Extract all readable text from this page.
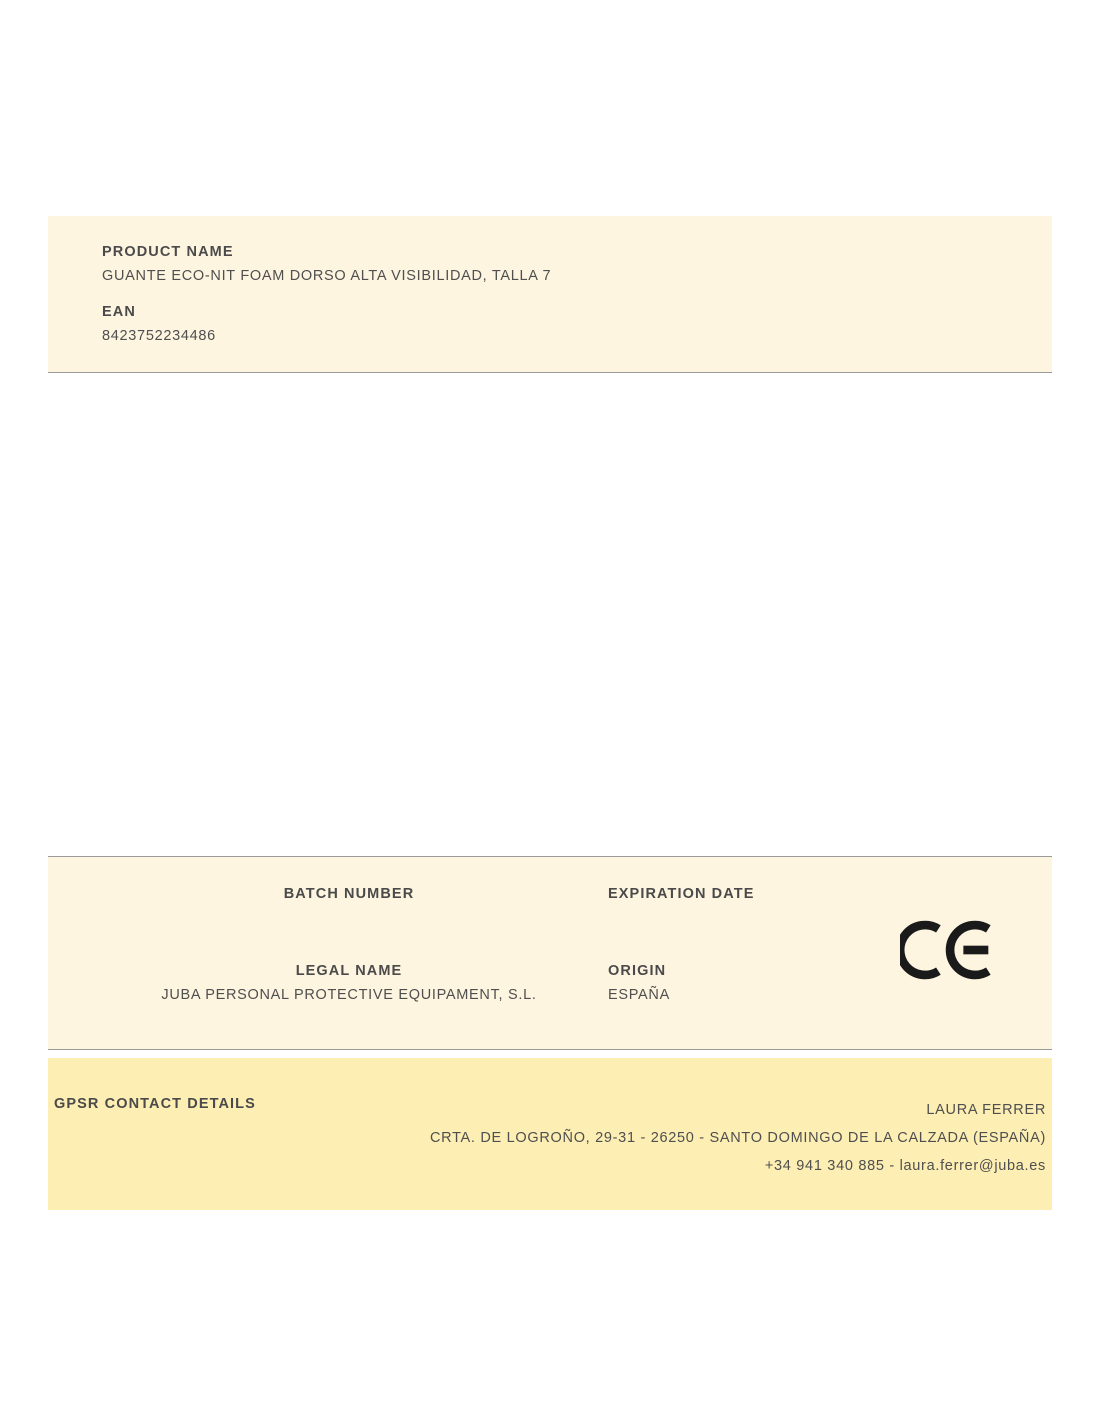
PRODUCT NAME
GUANTE ECO-NIT FOAM DORSO ALTA VISIBILIDAD, TALLA 7
EAN
8423752234486
BATCH NUMBER
LEGAL NAME
JUBA PERSONAL PROTECTIVE EQUIPAMENT, S.L.
EXPIRATION DATE
ORIGIN
ESPAÑA
GPSR CONTACT DETAILS	LAURA FERRER
CRTA. DE LOGROÑO, 29-31 - 26250 - SANTO DOMINGO DE LA CALZADA (ESPAÑA)
+34 941 340 885 - laura.ferrer@juba.es
